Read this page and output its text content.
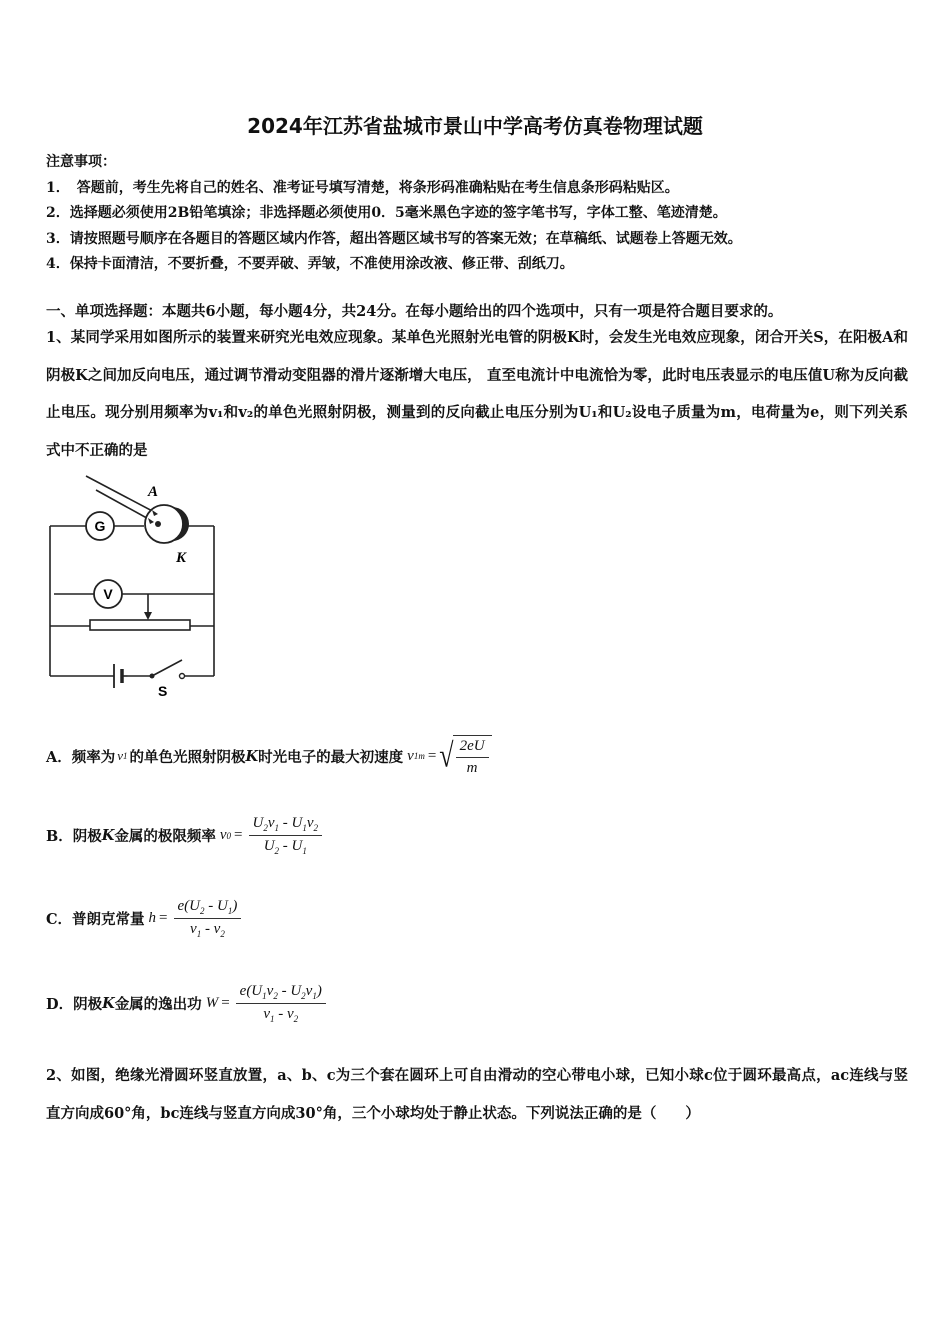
2024年江苏省盐城市景山中学高考仿真卷物理试题
注意事项：
1．　答题前，考生先将自己的姓名、准考证号填写清楚，将条形码准确粘贴在考生信息条形码粘贴区。
2．选择题必须使用2B铅笔填涂；非选择题必须使用0．5毫米黑色字迹的签字笔书写，字体工整、笔迹清楚。
3．请按照题号顺序在各题目的答题区域内作答，超出答题区域书写的答案无效；在草稿纸、试题卷上答题无效。
4．保持卡面清洁，不要折叠，不要弄破、弄皱，不准使用涂改液、修正带、刮纸刀。
一、单项选择题：本题共6小题，每小题4分，共24分。在每小题给出的四个选项中，只有一项是符合题目要求的。
1、某同学采用如图所示的装置来研究光电效应现象。某单色光照射光电管的阴极K时，会发生光电效应现象，闭合开关S，在阳极A和阴极K之间加反向电压，通过调节滑动变阻器的滑片逐渐增大电压， 直至电流计中电流恰为零，此时电压表显示的电压值U称为反向截止电压。现分别用频率为v₁和v₂的单色光照射阴极，测量到的反向截止电压分别为U₁和U₂设电子质量为m，电荷量为e，则下列关系 式中不正确的是
G
A
K
V
S
A．频率为 v 1 的单色光照射阴极 K 时光电子的最大初速度 v 1m = √ $\frac{2eU}{m}$
B．阴极 K 金属的极限频率 v $0 = \frac{U_2v_1 - U_1v_2}{U_2 - U_1}$
C．普朗克常量 $h = \frac{e(U_2 - U_1)}{v_1 - v_2}$
D．阴极 K 金属的逸出功 $W = \frac{e(U_1v_2 - U_2v_1)}{v_1 - v_2}$
2、如图，绝缘光滑圆环竖直放置，a、b、c为三个套在圆环上可自由滑动的空心带电小球，已知小球c位于圆环最高点，ac连线与竖直方向成60°角，bc连线与竖直方向成30°角，三个小球均处于静止状态。下列说法正确的是（　　）
